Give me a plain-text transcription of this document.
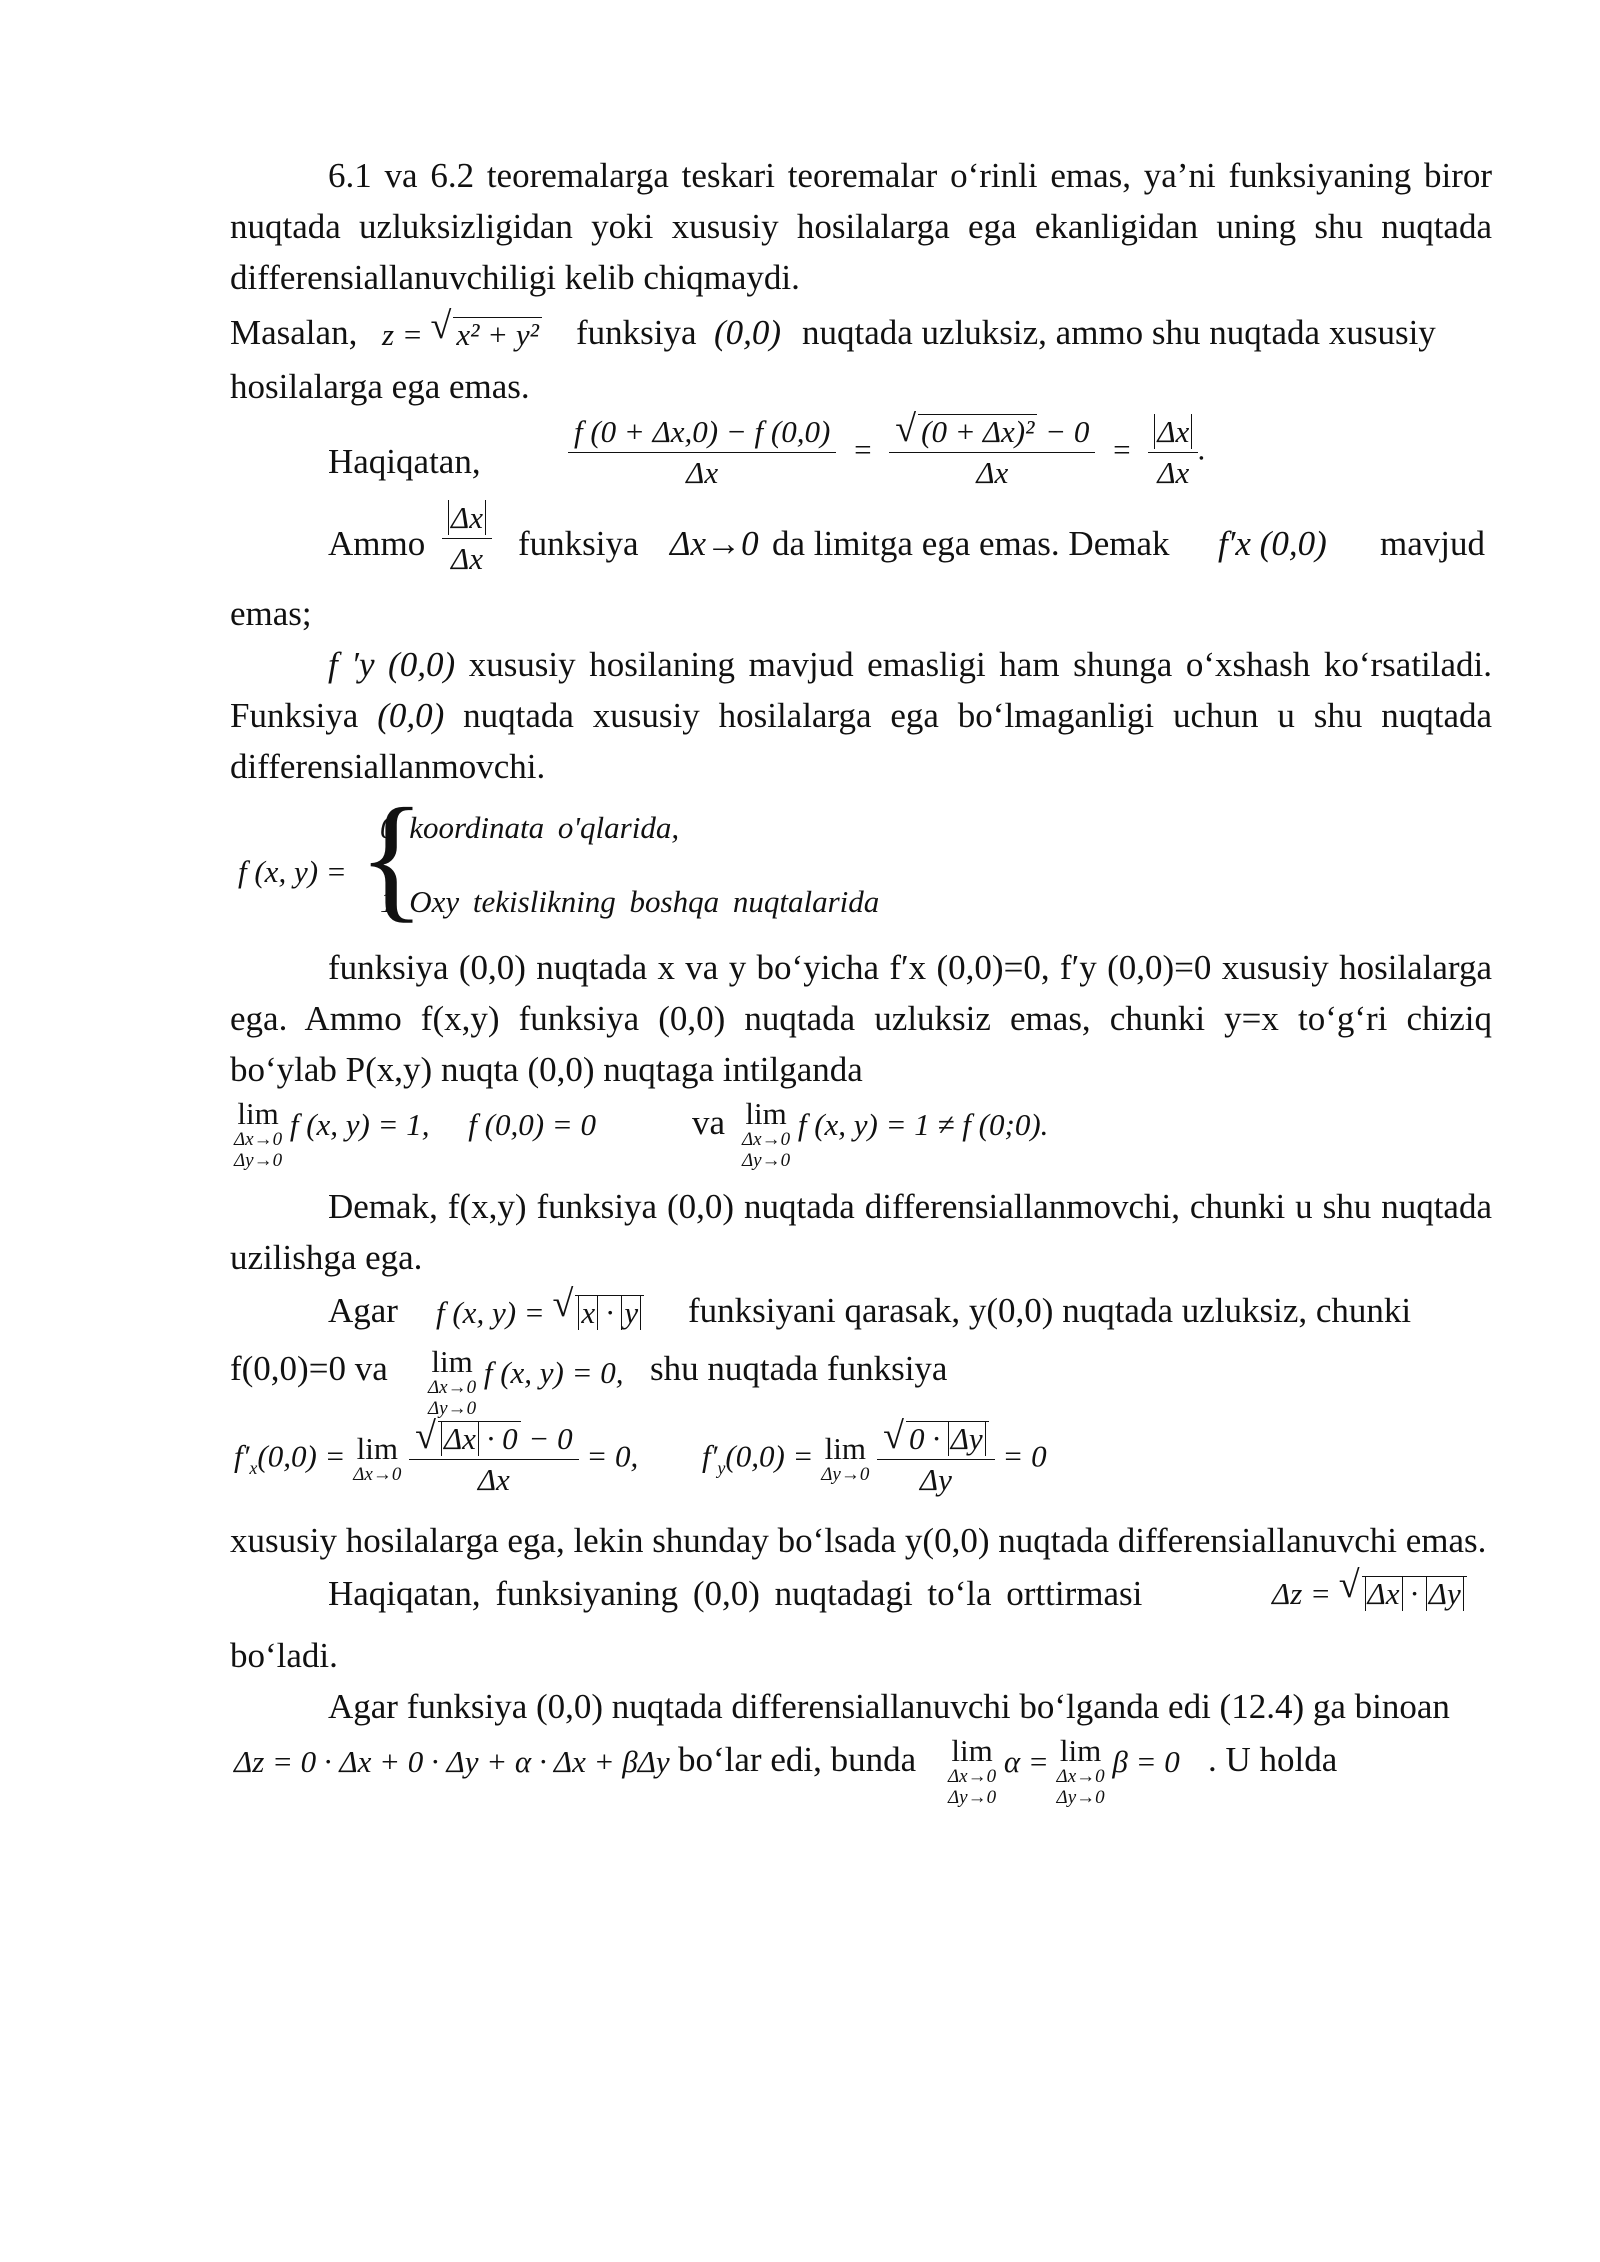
6.1 va 6.2 teoremalarga teskari teoremalar o‘rinli emas, ya’ni funksiyaning biror nuqtada uzluksizligidan yoki xususiy hosilalarga ega ekanligidan uning shu nuqtada differensiallanuvchiligi kelib chiqmaydi.

Masalan, z = √ x² + y² funksiya (0,0) nuqtada uzluksiz, ammo shu nuqtada xususiy

hosilalarga ega emas.

Haqiqatan,	$\frac{f (0 + \Delta x,0) - f (0,0)}{\Delta x} = \frac{\text{√ (0 + Δx)² − 0}}{\Delta x} = \frac{\Delta x}{\Delta x}$ .
Ammo $\frac{\Delta x}{\Delta x}$ funksiya Δx→0 da limitga ega emas. Demak f′x (0,0) mavjud

emas;

f ′y (0,0) xususiy hosilaning mavjud emasligi ham shunga o‘xshash ko‘rsatiladi. Funksiya (0,0) nuqtada xususiy hosilalarga ega bo‘lmaganligi uchun u shu nuqtada differensiallanmovchi.

f (x, y) = {
0 koordinata o'qlarida,
1 Oxy tekislikning boshqa nuqtalarida

funksiya (0,0) nuqtada x va y bo‘yicha f′x (0,0)=0, f′y (0,0)=0 xususiy hosilalarga ega. Ammo f(x,y) funksiya (0,0) nuqtada uzluksiz emas, chunki y=x to‘g‘ri chiziq bo‘ylab P(x,y) nuqta (0,0) nuqtaga intilganda

lim
Δx→0
Δy→0
f (x, y) = 1,     f (0,0) = 0	va lim
Δx→0
Δy→0
f (x, y) = 1 ≠ f (0;0).

Demak, f(x,y) funksiya (0,0) nuqtada differensiallanmovchi, chunki u shu nuqtada uzilishga ega.

Agar f (x, y) = √ x · y funksiyani qarasak, y(0,0) nuqtada uzluksiz, chunki
f(0,0)=0 va lim
Δx→0
Δy→0
f (x, y) = 0, shu nuqtada funksiya
$f'_x(0,0) = \lim$
Δx→0
$\frac{√ \Delta x \cdot 0 - 0}{\Delta x} = 0$, $f'_y(0,0) = \lim$
Δy→0
$\frac{√ 0 \cdot \Delta y}{\Delta y} = 0$

xususiy hosilalarga ega, lekin shunday bo‘lsada y(0,0) nuqtada differensiallanuvchi emas.

Haqiqatan, funksiyaning (0,0) nuqtadagi to‘la orttirmasi	Δz = √ Δx · Δy

bo‘ladi.

Agar funksiya (0,0) nuqtada differensiallanuvchi bo‘lganda edi (12.4) ga binoan

Δz = 0 · Δx + 0 · Δy + α · Δx + βΔy bo‘lar edi, bunda lim
Δx→0
Δy→0
α = lim
Δx→0
Δy→0
β = 0 . U holda
